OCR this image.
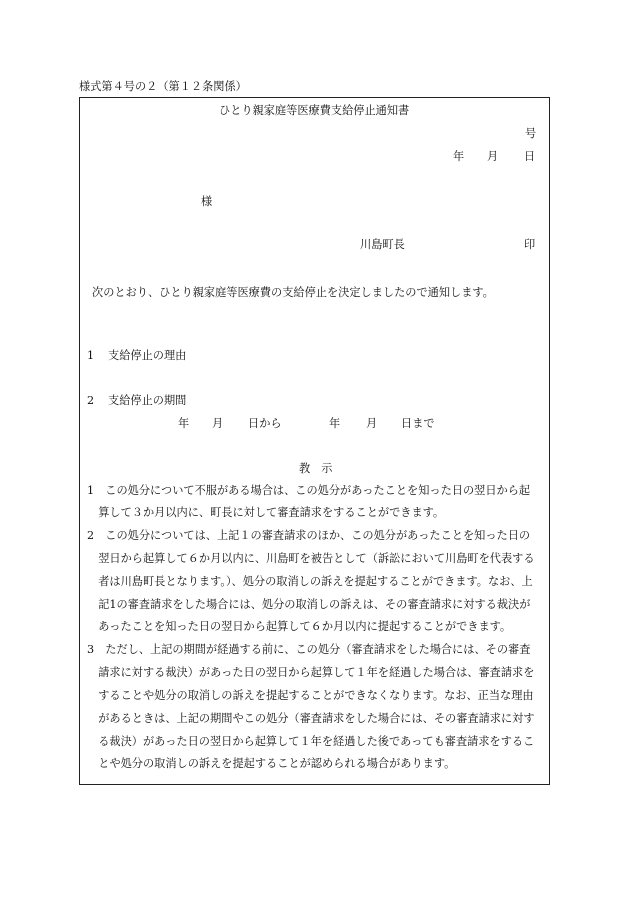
様式第４号の２（第１２条関係）
ひとり親家庭等医療費支給停止通知書
号
年 月 日
様
川島町長	印
次のとおり、ひとり親家庭等医療費の支給停止を決定しましたので通知します。
1 支給停止の理由
2 支給停止の期間
年 月 日から	年 月 日まで
教示
1　この処分について不服がある場合は、この処分があったことを知った日の翌日から起
　算して３か月以内に、町長に対して審査請求をすることができます。
2　この処分については、上記１の審査請求のほか、この処分があったことを知った日の
　翌日から起算して６か月以内に、川島町を被告として（訴訟において川島町を代表する
　者は川島町長となります。）、処分の取消しの訴えを提起することができます。なお、上
　記1の審査請求をした場合には、処分の取消しの訴えは、その審査請求に対する裁決が
　あったことを知った日の翌日から起算して６か月以内に提起することができます。
3　ただし、上記の期間が経過する前に、この処分（審査請求をした場合には、その審査
　請求に対する裁決）があった日の翌日から起算して１年を経過した場合は、審査請求を
　することや処分の取消しの訴えを提起することができなくなります。なお、正当な理由
　があるときは、上記の期間やこの処分（審査請求をした場合には、その審査請求に対す
　る裁決）があった日の翌日から起算して１年を経過した後であっても審査請求をするこ
　とや処分の取消しの訴えを提起することが認められる場合があります。
